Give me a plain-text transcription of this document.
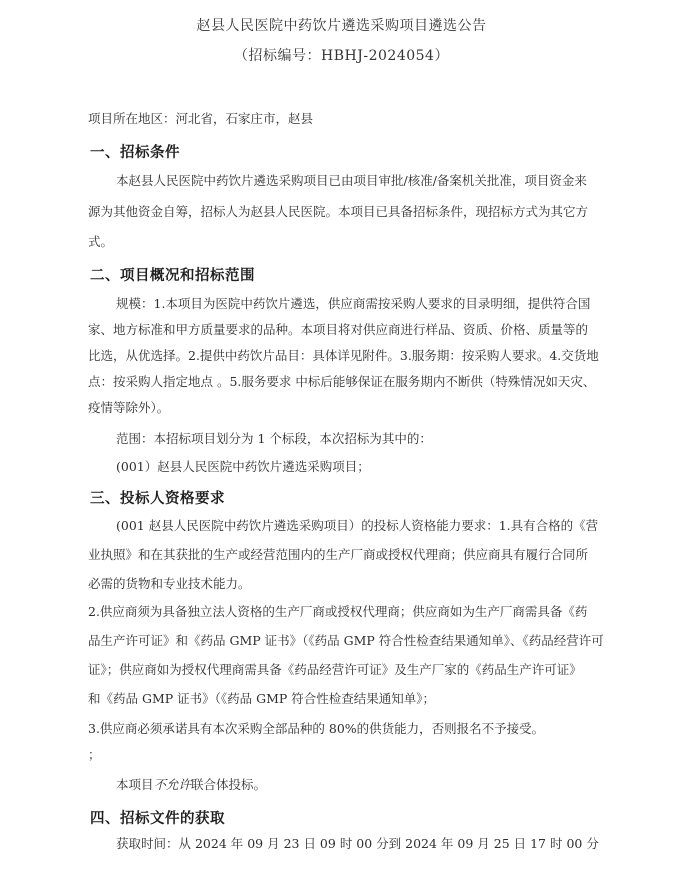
赵县人民医院中药饮片遴选采购项目遴选公告
（招标编号：HBHJ-2024054）
项目所在地区：河北省，石家庄市，赵县
一、招标条件
本赵县人民医院中药饮片遴选采购项目已由项目审批/核准/备案机关批准，项目资金来
源为其他资金自筹，招标人为赵县人民医院。本项目已具备招标条件，现招标方式为其它方
式。
二、项目概况和招标范围
规模：1.本项目为医院中药饮片遴选，供应商需按采购人要求的目录明细，提供符合国
家、地方标准和甲方质量要求的品种。本项目将对供应商进行样品、资质、价格、质量等的
比选，从优选择。2.提供中药饮片品目：具体详见附件。3.服务期：按采购人要求。4.交货地
点：按采购人指定地点 。5.服务要求 中标后能够保证在服务期内不断供（特殊情况如天灾、
疫情等除外）。
范围：本招标项目划分为 1 个标段，本次招标为其中的：
(001）赵县人民医院中药饮片遴选采购项目；
三、投标人资格要求
(001 赵县人民医院中药饮片遴选采购项目）的投标人资格能力要求：1.具有合格的《营
业执照》和在其获批的生产或经营范围内的生产厂商或授权代理商；供应商具有履行合同所
必需的货物和专业技术能力。
2.供应商须为具备独立法人资格的生产厂商或授权代理商；供应商如为生产厂商需具备《药
品生产许可证》和《药品 GMP 证书》（《药品 GMP 符合性检查结果通知单》、《药品经营许可
证》；供应商如为授权代理商需具备《药品经营许可证》及生产厂家的《药品生产许可证》
和《药品 GMP 证书》（《药品 GMP 符合性检查结果通知单》；
3.供应商必须承诺具有本次采购全部品种的 80%的供货能力，否则报名不予接受。
；
本项目不允许联合体投标。
四、招标文件的获取
获取时间：从 2024 年 09 月 23 日 09 时 00 分到 2024 年 09 月 25 日 17 时 00 分
